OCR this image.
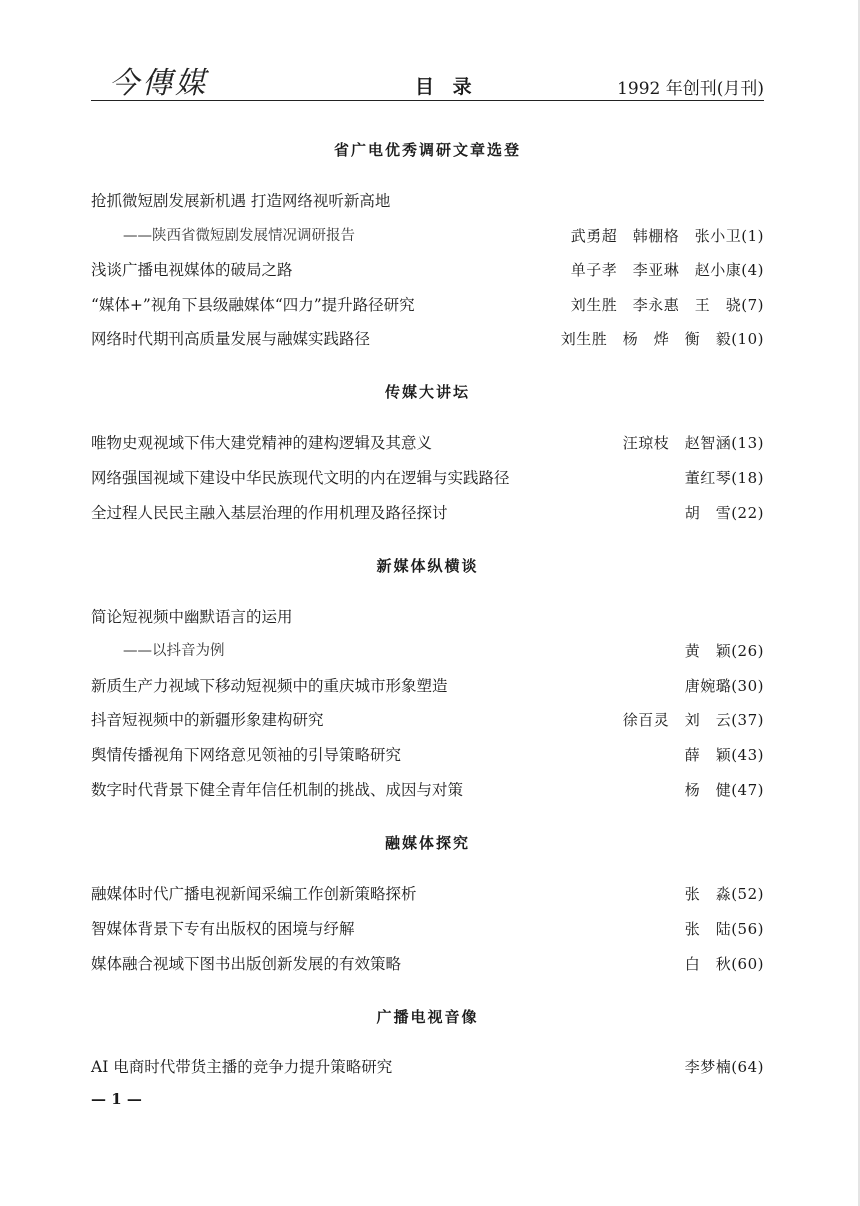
今傳媒	目 录	1992 年创刊(月刊)
省广电优秀调研文章选登
抢抓微短剧发展新机遇 打造网络视听新高地
——陕西省微短剧发展情况调研报告	武勇超　韩棚格　张小卫(1)
浅谈广播电视媒体的破局之路	单子孝　李亚琳　赵小康(4)
“媒体+”视角下县级融媒体“四力”提升路径研究	刘生胜　李永惠　王　骁(7)
网络时代期刊高质量发展与融媒实践路径	刘生胜　杨　烨　衡　毅(10)
传媒大讲坛
唯物史观视域下伟大建党精神的建构逻辑及其意义	汪琼枝　赵智涵(13)
网络强国视域下建设中华民族现代文明的内在逻辑与实践路径	董红琴(18)
全过程人民民主融入基层治理的作用机理及路径探讨	胡　雪(22)
新媒体纵横谈
简论短视频中幽默语言的运用
——以抖音为例	黄　颖(26)
新质生产力视域下移动短视频中的重庆城市形象塑造	唐婉璐(30)
抖音短视频中的新疆形象建构研究	徐百灵　刘　云(37)
舆情传播视角下网络意见领袖的引导策略研究	薛　颖(43)
数字时代背景下健全青年信任机制的挑战、成因与对策	杨　健(47)
融媒体探究
融媒体时代广播电视新闻采编工作创新策略探析	张　淼(52)
智媒体背景下专有出版权的困境与纾解	张　陆(56)
媒体融合视域下图书出版创新发展的有效策略	白　秋(60)
广播电视音像
AI 电商时代带货主播的竞争力提升策略研究	李梦楠(64)
— 1 —
